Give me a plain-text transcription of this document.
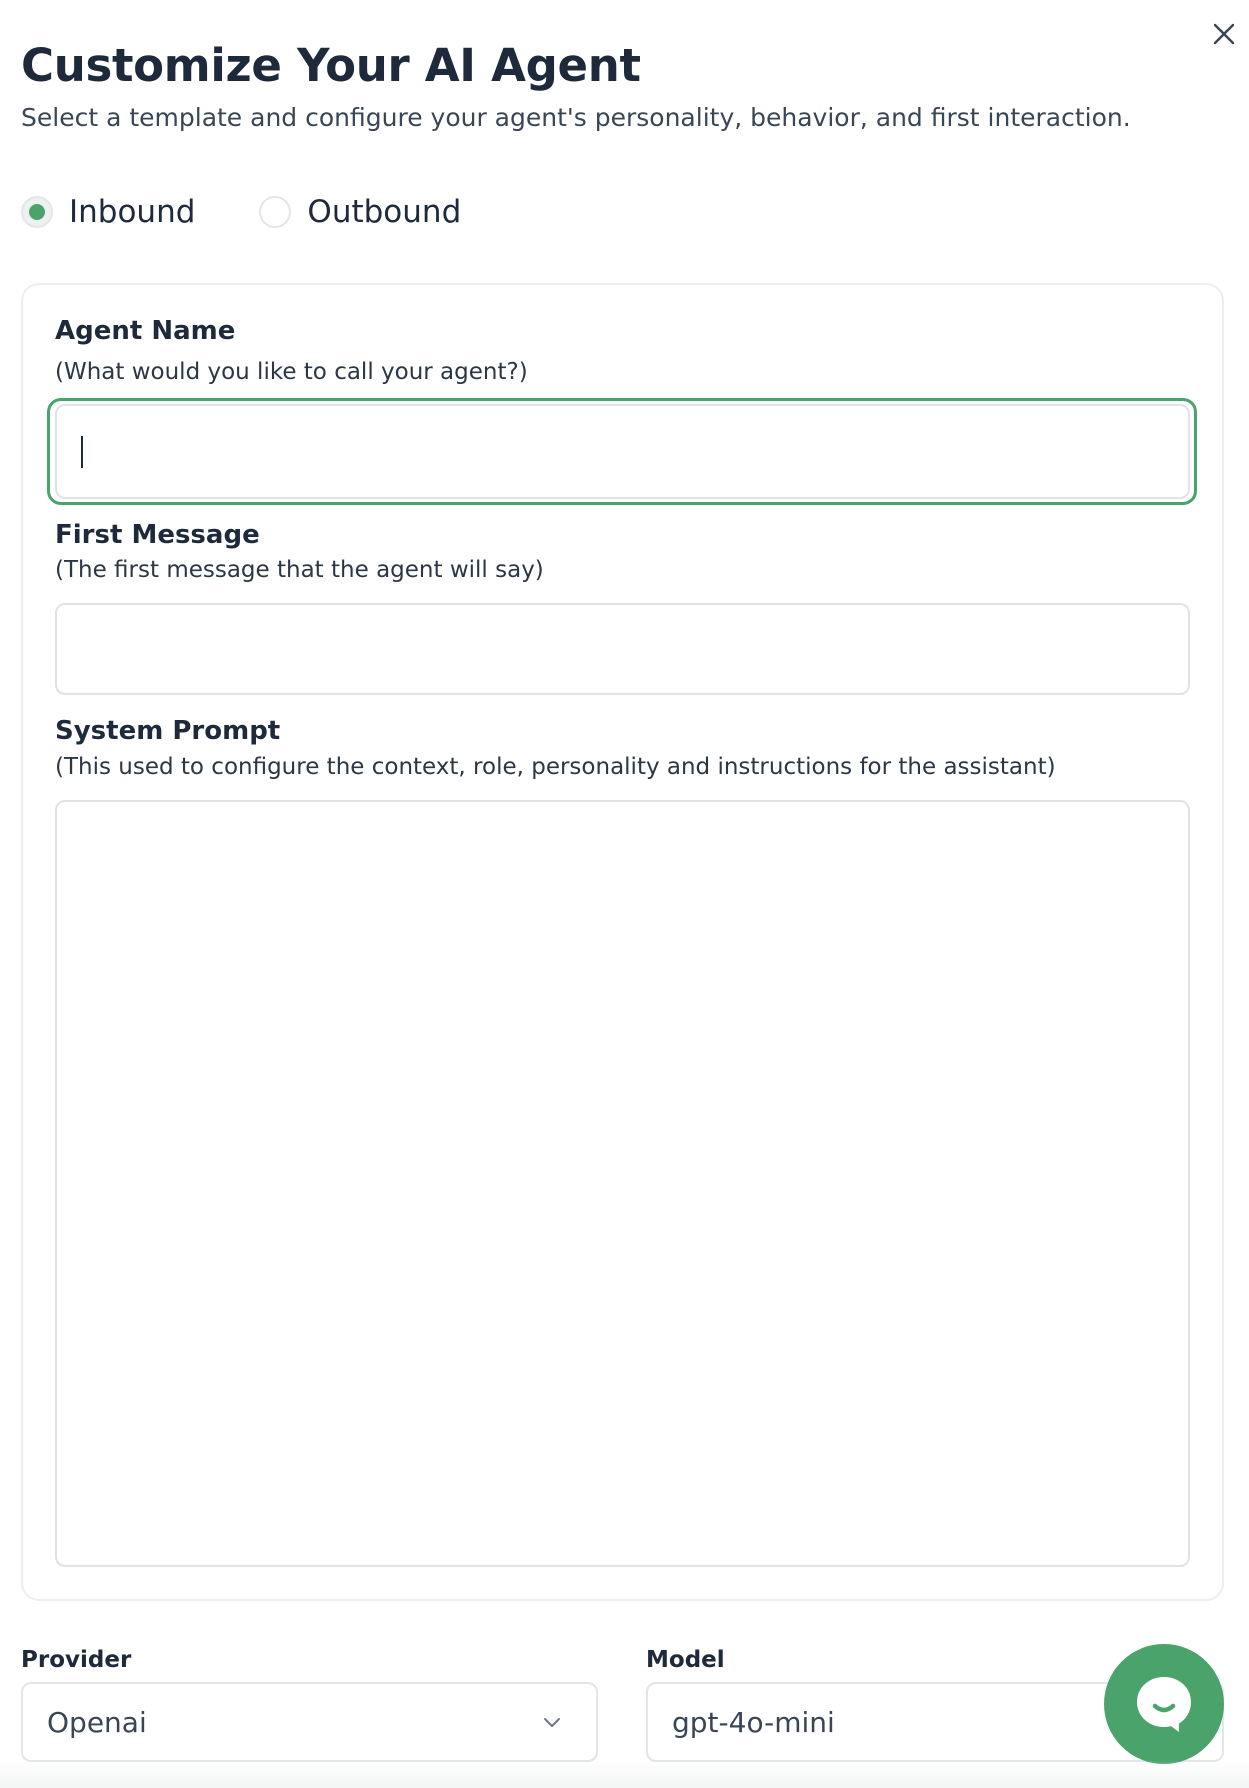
Customize Your AI Agent

Select a template and configure your agent's personality, behavior, and first interaction.

Inbound	Outbound
Agent Name
(What would you like to call your agent?)
First Message
(The first message that the agent will say)
System Prompt
(This used to configure the context, role, personality and instructions for the assistant)
Provider
Openai
Model
gpt-4o-mini
